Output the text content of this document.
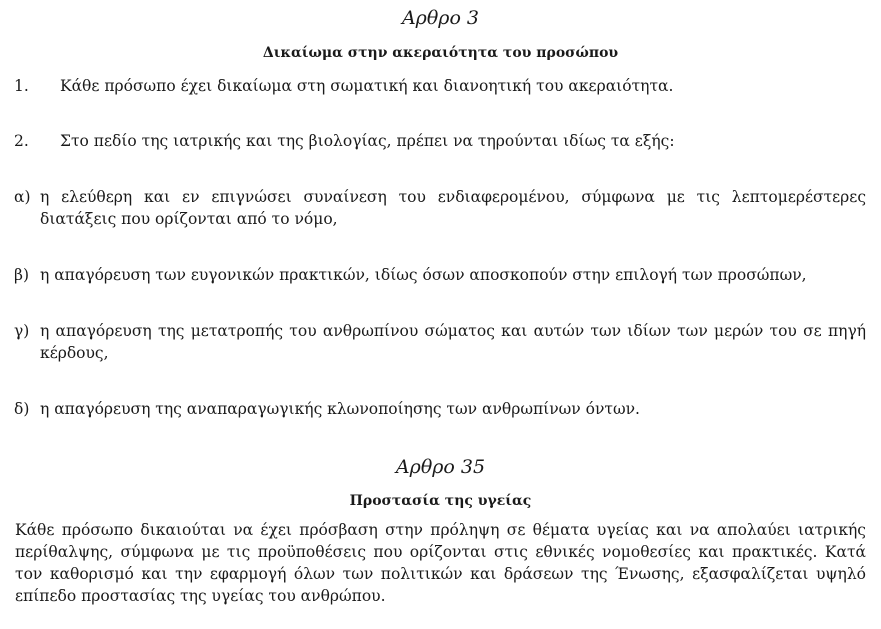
Αρθρο 3
Δικαίωμα στην ακεραιότητα του προσώπου
1. Κάθε πρόσωπο έχει δικαίωμα στη σωματική και διανοητική του ακεραιότητα.
2. Στο πεδίο της ιατρικής και της βιολογίας, πρέπει να τηρούνται ιδίως τα εξής:
α) η ελεύθερη και εν επιγνώσει συναίνεση του ενδιαφερομένου, σύμφωνα με τις λεπτομερέστερες διατάξεις που ορίζονται από το νόμο,
β) η απαγόρευση των ευγονικών πρακτικών, ιδίως όσων αποσκοπούν στην επιλογή των προσώπων,
γ) η απαγόρευση της μετατροπής του ανθρωπίνου σώματος και αυτών των ιδίων των μερών του σε πηγή κέρδους,
δ) η απαγόρευση της αναπαραγωγικής κλωνοποίησης των ανθρωπίνων όντων.
Αρθρο 35
Προστασία της υγείας
Κάθε πρόσωπο δικαιούται να έχει πρόσβαση στην πρόληψη σε θέματα υγείας και να απολαύει ιατρικής περίθαλψης, σύμφωνα με τις προϋποθέσεις που ορίζονται στις εθνικές νομοθεσίες και πρακτικές. Κατά τον καθορισμό και την εφαρμογή όλων των πολιτικών και δράσεων της Ένωσης, εξασφαλίζεται υψηλό επίπεδο προστασίας της υγείας του ανθρώπου.
